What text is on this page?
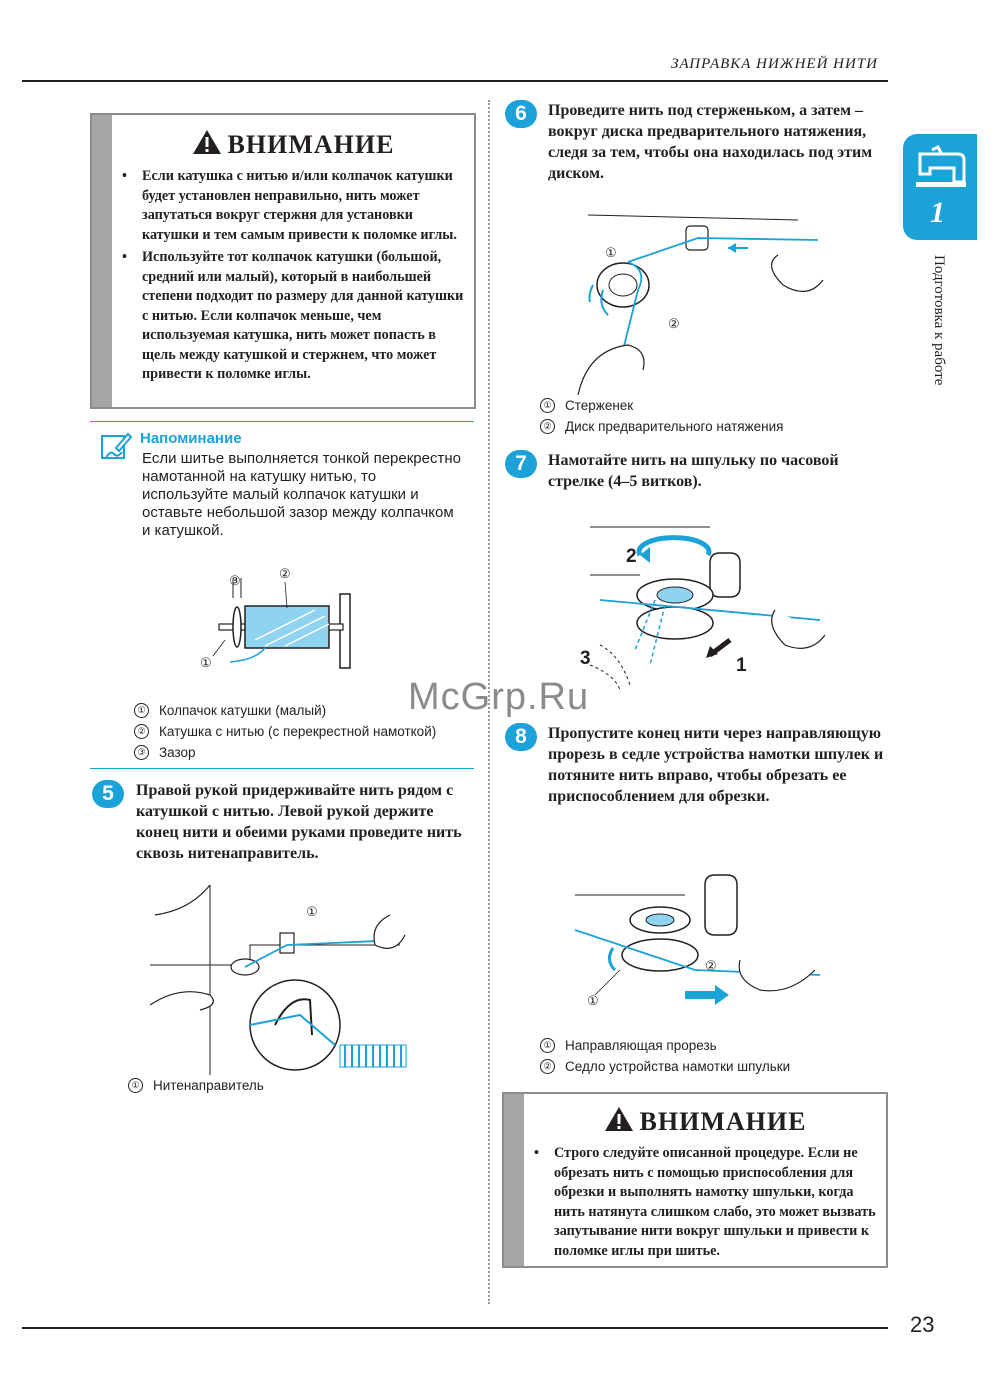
ЗАПРАВКА НИЖНЕЙ НИТИ
1
Подготовка к работе
ВНИМАНИЕ
• Если катушка с нитью и/или колпачок катушки будет установлен неправильно, нить может запутаться вокруг стержня для установки катушки и тем самым привести к поломке иглы.
• Используйте тот колпачок катушки (большой, средний или малый), который в наибольшей степени подходит по размеру для данной катушки с нитью. Если колпачок меньше, чем используемая катушка, нить может попасть в щель между катушкой и стержнем, что может привести к поломке иглы.
Напоминание
Если шитье выполняется тонкой перекрестно намотанной на катушку нитью, то используйте малый колпачок катушки и оставьте небольшой зазор между колпачком и катушкой.
②
③
①
① Колпачок катушки (малый)
② Катушка с нитью (с перекрестной намоткой)
③ Зазор
5	Правой рукой придерживайте нить рядом с катушкой с нитью. Левой рукой держите конец нити и обеими руками проведите нить сквозь нитенаправитель.
①
① Нитенаправитель
6	Проведите нить под стерженьком, а затем – вокруг диска предварительного натяжения, следя за тем, чтобы она находилась под этим диском.
①
②
① Стерженек
② Диск предварительного натяжения
7	Намотайте нить на шпульку по часовой стрелке (4–5 витков).
2
1
3
McGrp.Ru
8	Пропустите конец нити через направляющую прорезь в седле устройства намотки шпулек и потяните нить вправо, чтобы обрезать ее приспособлением для обрезки.
②
①
① Направляющая прорезь
② Седло устройства намотки шпульки
ВНИМАНИЕ
• Строго следуйте описанной процедуре. Если не обрезать нить с помощью приспособления для обрезки и выполнять намотку шпульки, когда нить натянута слишком слабо, это может вызвать запутывание нити вокруг шпульки и привести к поломке иглы при шитье.
23
